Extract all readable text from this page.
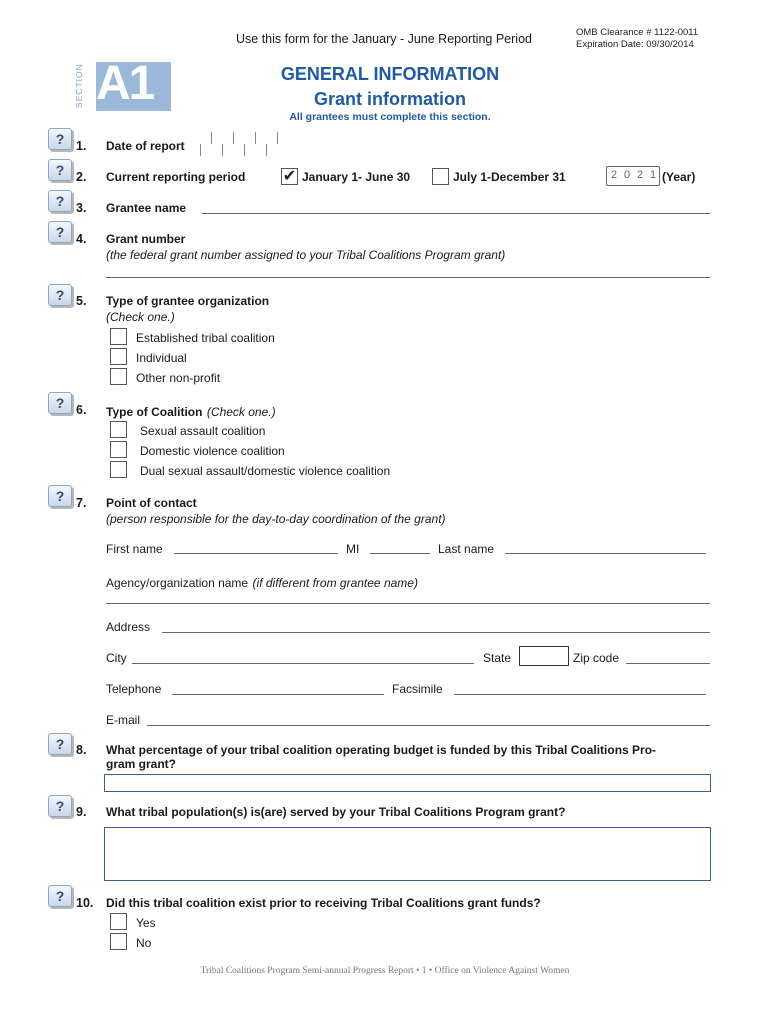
Use this form for the January - June Reporting Period	OMB Clearance # 1122-0011
Expiration Date: 09/30/2014
SECTION A1	GENERAL INFORMATION
Grant information
All grantees must complete this section.
? 1. Date of report
? 2. Current reporting period ✔ January 1- June 30	July 1-December 31	2 0 2 1 (Year)
? 3. Grantee name
? 4. Grant number
(the federal grant number assigned to your Tribal Coalitions Program grant)
? 5. Type of grantee organization
(Check one.)
Established tribal coalition
Individual
Other non-profit
? 6. Type of Coalition (Check one.)
Sexual assault coalition
Domestic violence coalition
Dual sexual assault/domestic violence coalition
? 7. Point of contact
(person responsible for the day-to-day coordination of the grant)
First name	MI	Last name
Agency/organization name (if different from grantee name)
Address
City	State	Zip code
Telephone	Facsimile
E-mail
? 8. What percentage of your tribal coalition operating budget is funded by this Tribal Coalitions Pro-
gram grant?
? 9. What tribal population(s) is(are) served by your Tribal Coalitions Program grant?
? 10. Did this tribal coalition exist prior to receiving Tribal Coalitions grant funds?
Yes
No
Tribal Coalitions Program Semi-annual Progress Report • 1 • Office on Violence Against Women
